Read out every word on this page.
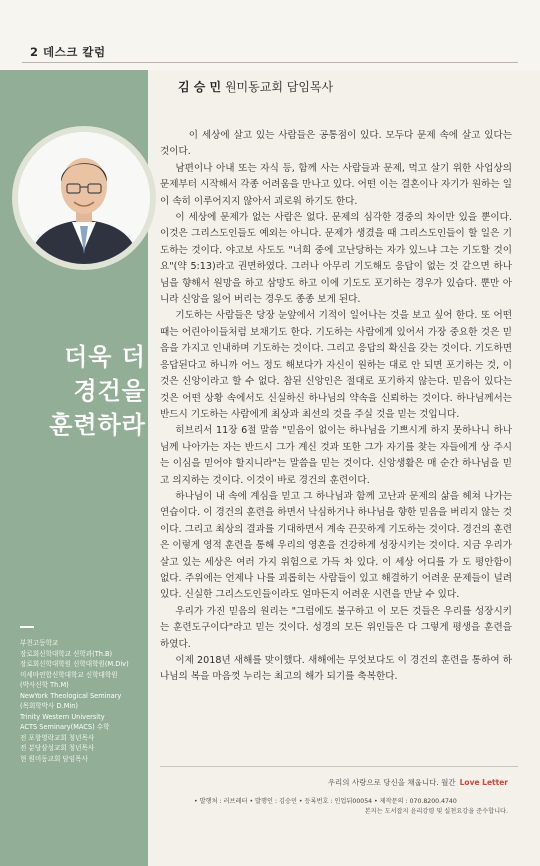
2 데스크 칼럼
김 승 민 원미동교회 담임목사
더욱 더
경건을
훈련하라
부천고등학교
장로회신학대학교 신학과(Th.B)
장로회신학대학원 신학대학원(M.Div)
미세마연합신학대학교 신학대학원
(박사신학 Th.M)
NewYork Theological Seminary
(목회학박사 D.Min)
Trinity Western University
ACTS Seminary(MACS) 수학
전 포항영락교회 청년목사
전 분당삼성교회 청년목사
현 원미동교회 담임목사

이 세상에 살고 있는 사람들은 공통점이 있다. 모두다 문제 속에 살고 있다는 것이다.

남편이나 아내 또는 자식 등, 함께 사는 사람들과 문제, 먹고 살기 위한 사업상의 문제부터 시작해서 각종 어려움을 만나고 있다. 어떤 이는 결혼이나 자기가 원하는 일이 속히 이루어지지 않아서 괴로워 하기도 한다.

이 세상에 문제가 없는 사람은 없다. 문제의 심각한 경중의 차이만 있을 뿐이다. 이것은 그리스도인들도 예외는 아니다. 문제가 생겼을 때 그리스도인들이 할 일은 기도하는 것이다. 야고보 사도도 "너희 중에 고난당하는 자가 있느냐 그는 기도할 것이요"(약 5:13)라고 권면하였다. 그러나 아무리 기도해도 응답이 없는 것 같으면 하나님을 향해서 원망을 하고 삼망도 하고 이에 기도도 포기하는 경우가 있습다. 뿐만 아니라 신앙을 잃어 버리는 경우도 종종 보게 된다.

기도하는 사람들은 당장 눈앞에서 기적이 일어나는 것을 보고 싶어 한다. 또 어떤 때는 어린아이들처럼 보채기도 한다. 기도하는 사람에게 있어서 가장 중요한 것은 믿음을 가지고 인내하며 기도하는 것이다. 그리고 응답의 확신을 갖는 것이다. 기도하면 응답된다고 하니까 어느 정도 해보다가 자신이 원하는 대로 안 되면 포기하는 것, 이것은 신앙이라고 할 수 없다. 참된 신앙인은 절대로 포기하지 않는다. 믿음이 있다는 것은 어떤 상황 속에서도 신실하신 하나님의 약속을 신뢰하는 것이다. 하나님께서는 반드시 기도하는 사람에게 최상과 최선의 것을 주실 것을 믿는 것입니다.

히브리서 11장 6절 말씀 "믿음이 없이는 하나님을 기쁘시게 하지 못하나니 하나님께 나아가는 자는 반드시 그가 계신 것과 또한 그가 자기를 찾는 자들에게 상 주시는 이심을 믿어야 할지니라"는 말씀을 믿는 것이다. 신앙생활은 매 순간 하나님을 믿고 의지하는 것이다. 이것이 바로 경건의 훈련이다.

하나님이 내 속에 계심을 믿고 그 하나님과 함께 고난과 문제의 삶을 헤쳐 나가는 연습이다. 이 경건의 훈련을 하면서 낙심하거나 하나님을 향한 믿음을 버리지 않는 것이다. 그리고 최상의 결과를 기대하면서 계속 끈끗하게 기도하는 것이다. 경건의 훈련은 이렇게 영적 훈련을 통해 우리의 영혼을 건강하게 성장시키는 것이다. 지금 우리가 살고 있는 세상은 여러 가지 위험으로 가득 차 있다. 이 세상 어디를 가 도 평안함이 없다. 주위에는 언제나 나를 괴롭히는 사람들이 있고 해결하기 어려운 문제들이 널려 있다. 신실한 그리스도인들이라도 얼마든지 어려운 시련을 만날 수 있다.

우리가 가진 믿음의 원리는 "그럼에도 불구하고 이 모든 것들은 우리를 성장시키는 훈련도구이다"라고 믿는 것이다. 성경의 모든 위인들은 다 그렇게 평생을 훈련을 하였다.

이제 2018년 새해를 맞이했다. 새해에는 무엇보다도 이 경건의 훈련을 통하여 하나님의 복을 마음껏 누리는 최고의 해가 되기를 축복한다.

우리의 사랑으로 당신을 채웁니다. 월간 Love Letter
• 발행처 : 러브레터 • 발행인 : 김승민 • 등록번호 : 인업뒤00054 • 제작문의 : 070.8200.4740
본지는 도서잡지 윤리강령 및 실천요강을 준수합니다.
